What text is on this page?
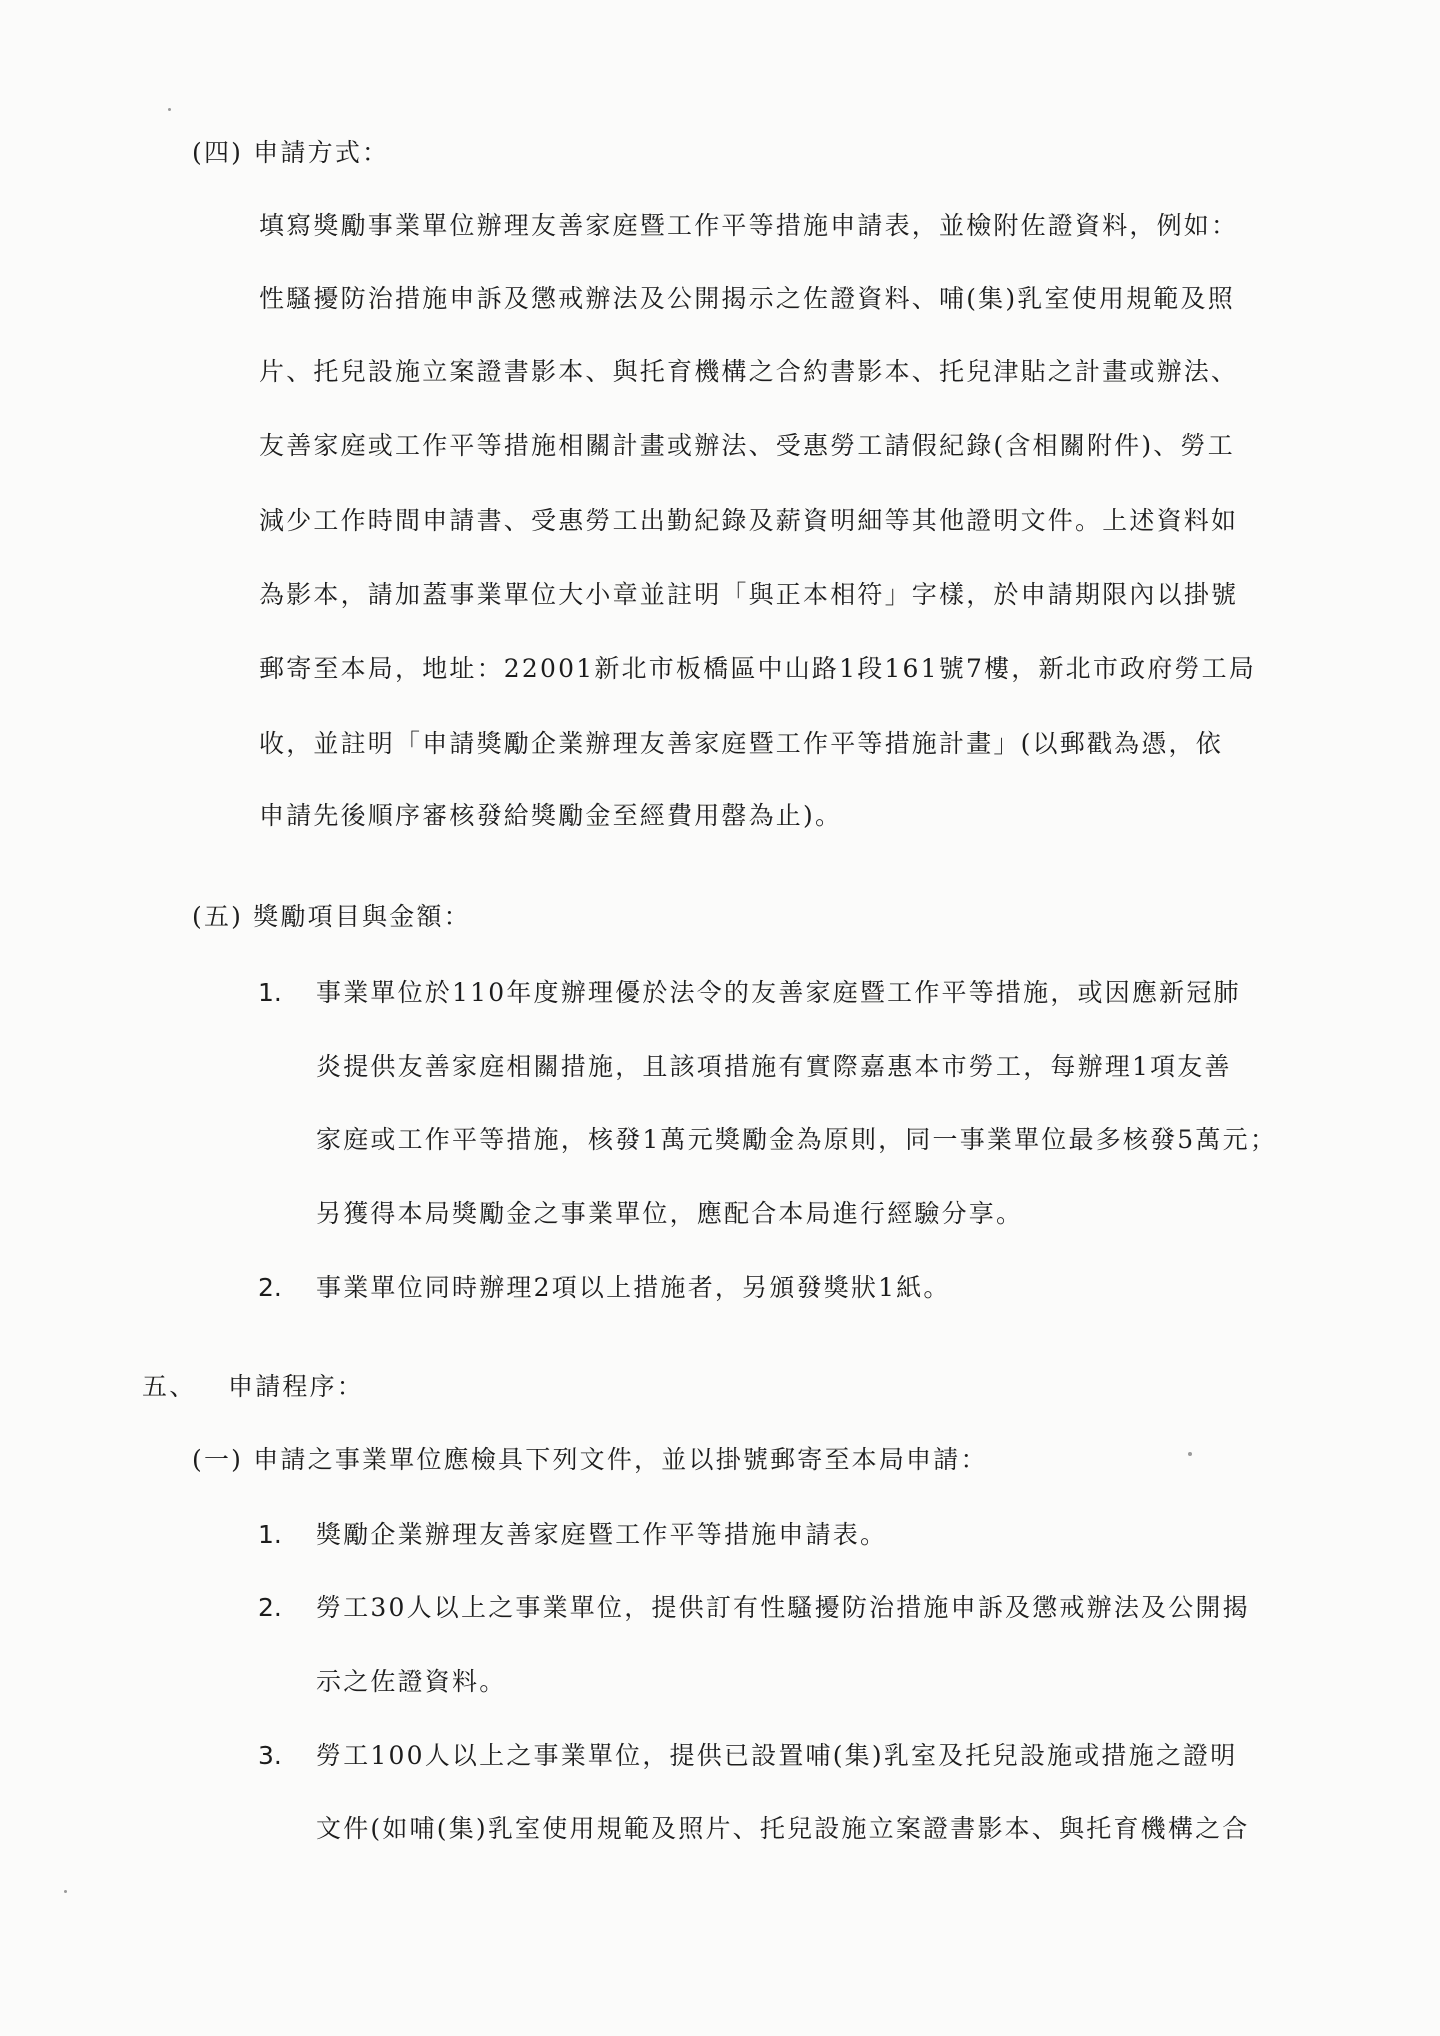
(四) 申請方式：
填寫獎勵事業單位辦理友善家庭暨工作平等措施申請表，並檢附佐證資料，例如：
性騷擾防治措施申訴及懲戒辦法及公開揭示之佐證資料、哺(集)乳室使用規範及照
片、托兒設施立案證書影本、與托育機構之合約書影本、托兒津貼之計畫或辦法、
友善家庭或工作平等措施相關計畫或辦法、受惠勞工請假紀錄(含相關附件)、勞工
減少工作時間申請書、受惠勞工出勤紀錄及薪資明細等其他證明文件。上述資料如
為影本，請加蓋事業單位大小章並註明「與正本相符」字樣，於申請期限內以掛號
郵寄至本局，地址：22001新北市板橋區中山路1段161號7樓，新北市政府勞工局
收，並註明「申請獎勵企業辦理友善家庭暨工作平等措施計畫」(以郵戳為憑，依
申請先後順序審核發給獎勵金至經費用罄為止)。
(五) 獎勵項目與金額：
1. 事業單位於110年度辦理優於法令的友善家庭暨工作平等措施，或因應新冠肺
炎提供友善家庭相關措施，且該項措施有實際嘉惠本市勞工，每辦理1項友善
家庭或工作平等措施，核發1萬元獎勵金為原則，同一事業單位最多核發5萬元；
另獲得本局獎勵金之事業單位，應配合本局進行經驗分享。
2. 事業單位同時辦理2項以上措施者，另頒發獎狀1紙。
五、 申請程序：
(一) 申請之事業單位應檢具下列文件，並以掛號郵寄至本局申請：
1. 獎勵企業辦理友善家庭暨工作平等措施申請表。
2. 勞工30人以上之事業單位，提供訂有性騷擾防治措施申訴及懲戒辦法及公開揭
示之佐證資料。
3. 勞工100人以上之事業單位，提供已設置哺(集)乳室及托兒設施或措施之證明
文件(如哺(集)乳室使用規範及照片、托兒設施立案證書影本、與托育機構之合
